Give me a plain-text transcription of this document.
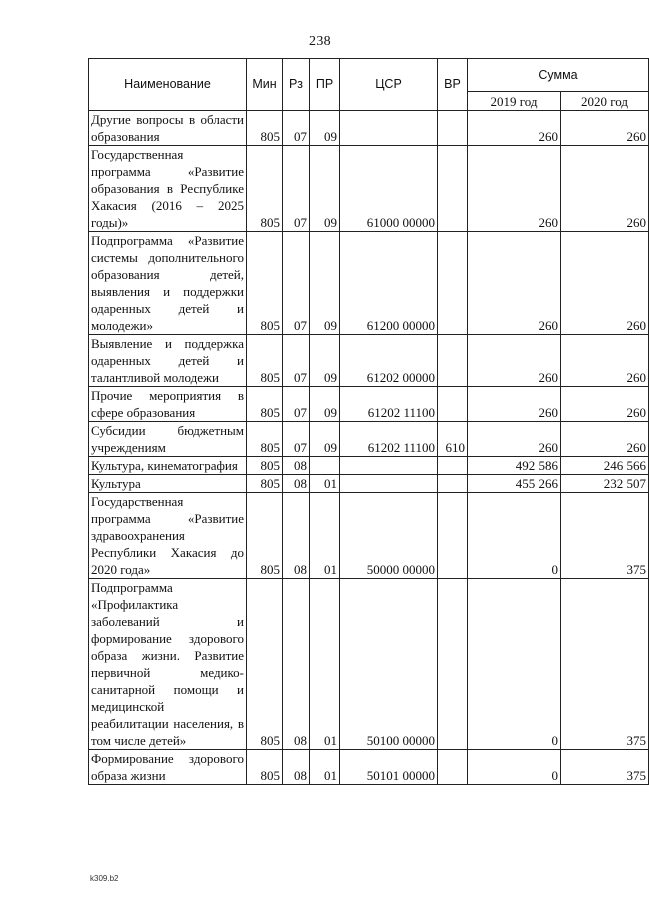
238
Наименование	Мин	Рз	ПР	ЦСР	ВР	Сумма	
						2019 год	2020 год
Другие вопросы в области образования	805	07	09			260	260
Государственная программа «Развитие образования в Республике Хакасия (2016 – 2025 годы)»	805	07	09	61000 00000		260	260
Подпрограмма «Развитие системы дополнительного образования детей, выявления и поддержки одаренных детей и молодежи»	805	07	09	61200 00000		260	260
Выявление и поддержка одаренных детей и талантливой молодежи	805	07	09	61202 00000		260	260
Прочие мероприятия в сфере образования	805	07	09	61202 11100		260	260
Субсидии бюджетным учреждениям	805	07	09	61202 11100	610	260	260
Культура, кинематография	805	08				492 586	246 566
Культура	805	08	01			455 266	232 507
Государственная программа «Развитие здравоохранения Республики Хакасия до 2020 года»	805	08	01	50000 00000		0	375
Подпрограмма «Профилактика заболеваний и формирование здорового образа жизни. Развитие первичной медико-санитарной помощи и медицинской реабилитации населения, в том числе детей»	805	08	01	50100 00000		0	375
Формирование здорового образа жизни	805	08	01	50101 00000		0	375
k309.b2
